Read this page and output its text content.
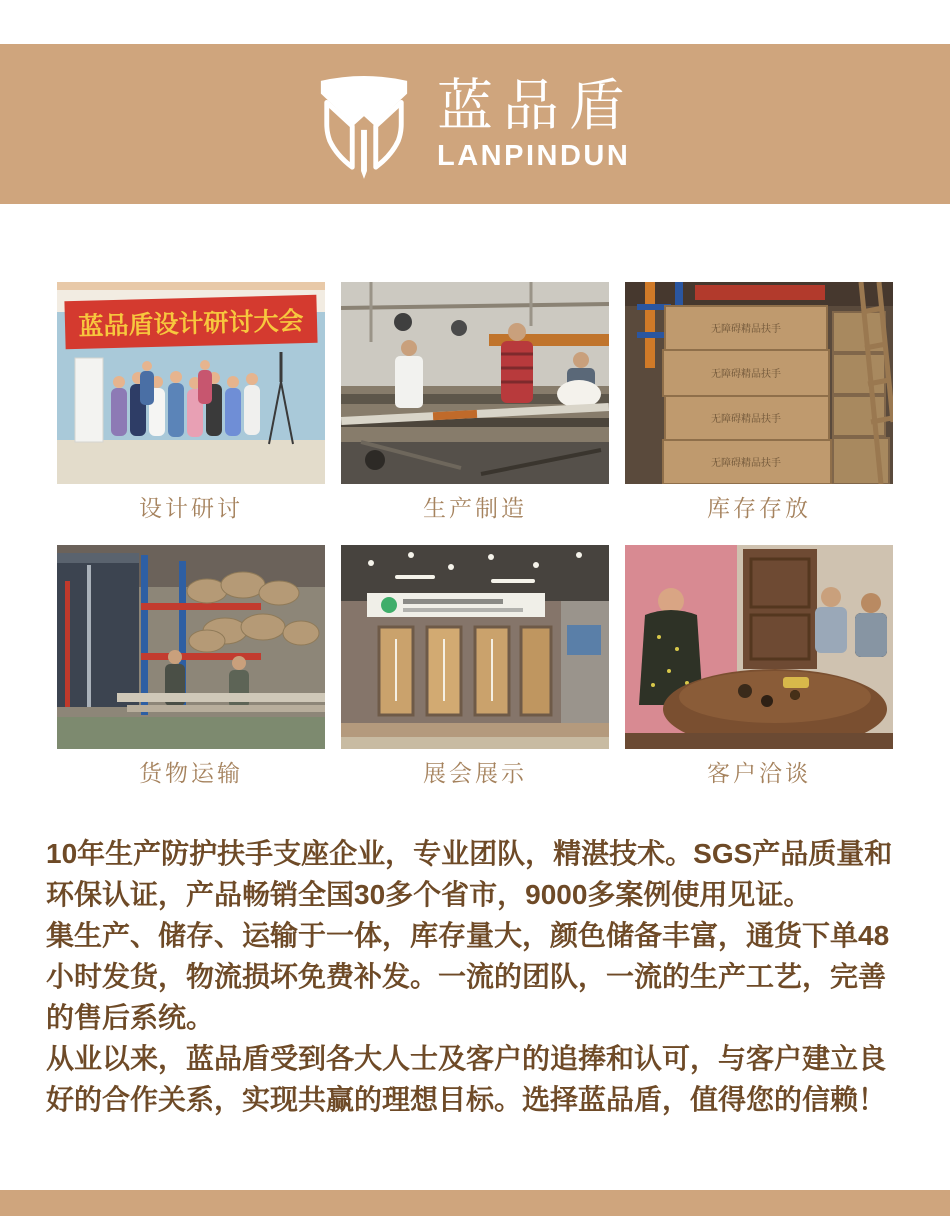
蓝品盾
LANPINDUN
蓝品盾设计研讨大会
设计研讨	生产制造
无障碍精品扶手
无障碍精品扶手
无障碍精品扶手
无障碍精品扶手
库存存放
货物运输	展会展示	客户洽谈
10年生产防护扶手支座企业，专业团队，精湛技术。SGS产品质量和
环保认证，产品畅销全国30多个省市，9000多案例使用见证。
集生产、储存、运输于一体，库存量大，颜色储备丰富，通货下单48
小时发货，物流损坏免费补发。一流的团队，一流的生产工艺，完善
的售后系统。
从业以来，蓝品盾受到各大人士及客户的追捧和认可，与客户建立良
好的合作关系，实现共赢的理想目标。选择蓝品盾，值得您的信赖！
